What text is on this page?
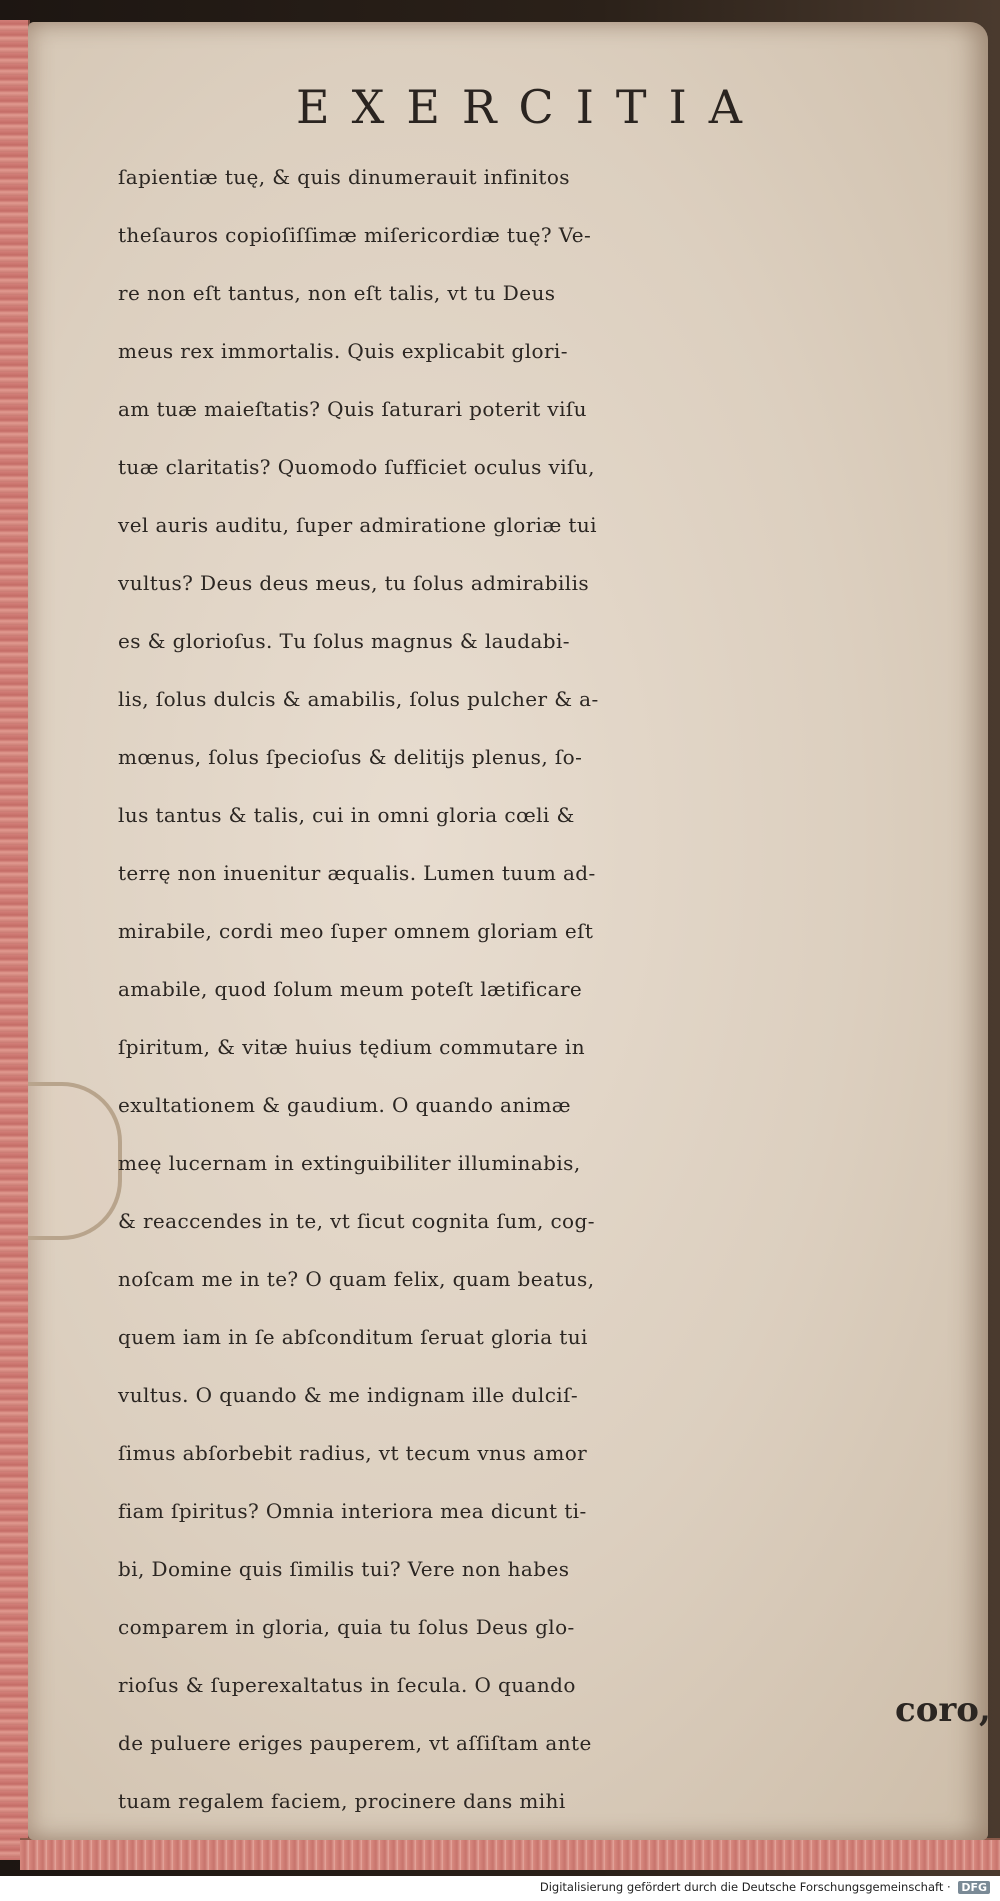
EXERCITIA
ſapientiæ tuę, & quis dinumerauit infinitos
theſauros copioſiſſimæ miſericordiæ tuę? Ve-
re non eſt tantus, non eſt talis, vt tu Deus
meus rex immortalis. Quis explicabit glori-
am tuæ maieſtatis? Quis ſaturari poterit viſu
tuæ claritatis? Quomodo ſufficiet oculus viſu,
vel auris auditu, ſuper admiratione gloriæ tui
vultus? Deus deus meus, tu ſolus admirabilis
es & glorioſus. Tu ſolus magnus & laudabi-
lis, ſolus dulcis & amabilis, ſolus pulcher & a-
mœnus, ſolus ſpecioſus & delitijs plenus, ſo-
lus tantus & talis, cui in omni gloria cœli &
terrę non inuenitur æqualis. Lumen tuum ad-
mirabile, cordi meo ſuper omnem gloriam eſt
amabile, quod ſolum meum poteſt lætificare
ſpiritum, & vitæ huius tędium commutare in
exultationem & gaudium. O quando animæ
meę lucernam in extinguibiliter illuminabis,
& reaccendes in te, vt ſicut cognita ſum, cog-
noſcam me in te? O quam felix, quam beatus,
quem iam in ſe abſconditum ſeruat gloria tui
vultus. O quando & me indignam ille dulciſ-
ſimus abſorbebit radius, vt tecum vnus amor
fiam ſpiritus? Omnia interiora mea dicunt ti-
bi, Domine quis ſimilis tui? Vere non habes
comparem in gloria, quia tu ſolus Deus glo-
rioſus & ſuperexaltatus in ſecula. O quando
de puluere eriges pauperem, vt aſſiſtam ante
tuam regalem faciem, procinere dans mihi
coro,
Digitalisierung gefördert durch die Deutsche Forschungsgemeinschaft · DFG
